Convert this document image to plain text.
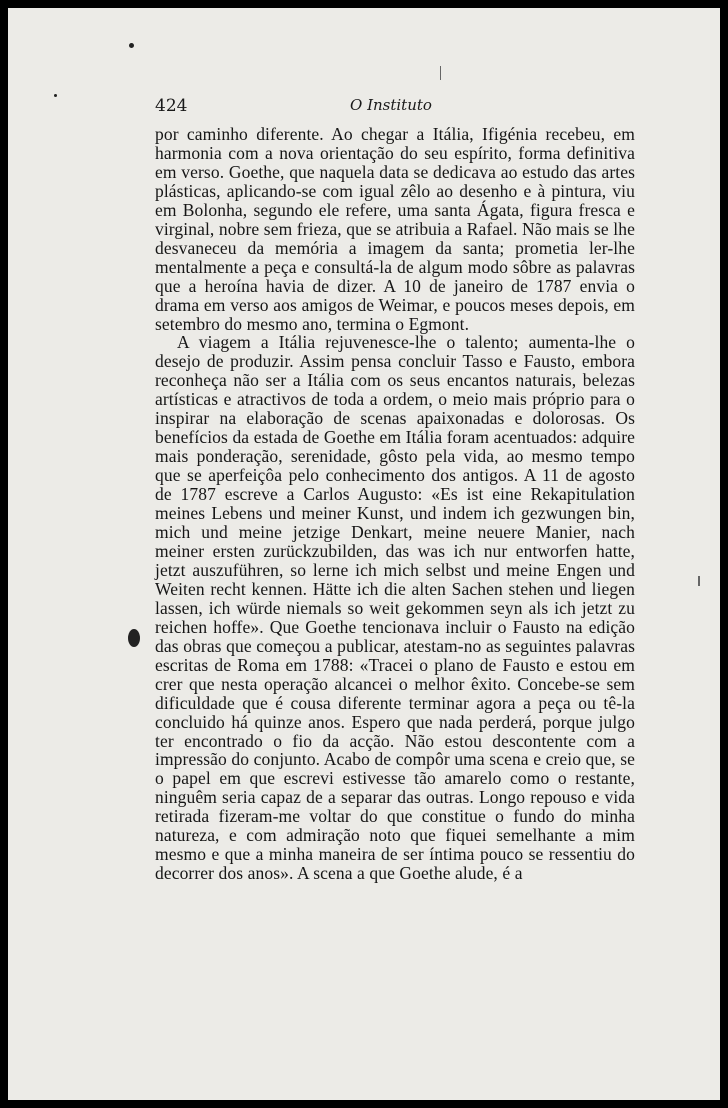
424	O Instituto

por caminho diferente. Ao chegar a Itália, Ifigénia recebeu, em harmonia com a nova orientação do seu espírito, forma definitiva em verso. Goethe, que naquela data se dedicava ao estudo das artes plásticas, aplicando-se com igual zêlo ao desenho e à pintura, viu em Bolonha, segundo ele refere, uma santa Ágata, figura fresca e virginal, nobre sem frieza, que se atribuia a Rafael. Não mais se lhe desvaneceu da memória a imagem da santa; prometia ler-lhe mentalmente a peça e consultá-la de algum modo sôbre as palavras que a heroína havia de dizer. A 10 de janeiro de 1787 envia o drama em verso aos amigos de Weimar, e poucos meses depois, em setembro do mesmo ano, termina o Egmont.

A viagem a Itália rejuvenesce-lhe o talento; aumenta-lhe o desejo de produzir. Assim pensa concluir Tasso e Fausto, embora reconheça não ser a Itália com os seus encantos naturais, belezas artísticas e atractivos de toda a ordem, o meio mais próprio para o inspirar na elaboração de scenas apaixonadas e dolorosas. Os benefícios da estada de Goethe em Itália foram acentuados: adquire mais ponderação, serenidade, gôsto pela vida, ao mesmo tempo que se aperfeiçôa pelo conhecimento dos antigos. A 11 de agosto de 1787 escreve a Carlos Augusto: «Es ist eine Rekapitulation meines Lebens und meiner Kunst, und indem ich gezwungen bin, mich und meine jetzige Denkart, meine neuere Manier, nach meiner ersten zurückzubilden, das was ich nur entworfen hatte, jetzt auszuführen, so lerne ich mich selbst und meine Engen und Weiten recht kennen. Hätte ich die alten Sachen stehen und liegen lassen, ich würde niemals so weit gekommen seyn als ich jetzt zu reichen hoffe». Que Goethe tencionava incluir o Fausto na edição das obras que começou a publicar, atestam-no as seguintes palavras escritas de Roma em 1788: «Tracei o plano de Fausto e estou em crer que nesta operação alcancei o melhor êxito. Concebe-se sem dificuldade que é cousa diferente terminar agora a peça ou tê-la concluido há quinze anos. Espero que nada perderá, porque julgo ter encontrado o fio da acção. Não estou descontente com a impressão do conjunto. Acabo de compôr uma scena e creio que, se o papel em que escrevi estivesse tão amarelo como o restante, ninguêm seria capaz de a separar das outras. Longo repouso e vida retirada fizeram-me voltar do que constitue o fundo do minha natureza, e com admiração noto que fiquei semelhante a mim mesmo e que a minha maneira de ser íntima pouco se ressentiu do decorrer dos anos». A scena a que Goethe alude, é a
